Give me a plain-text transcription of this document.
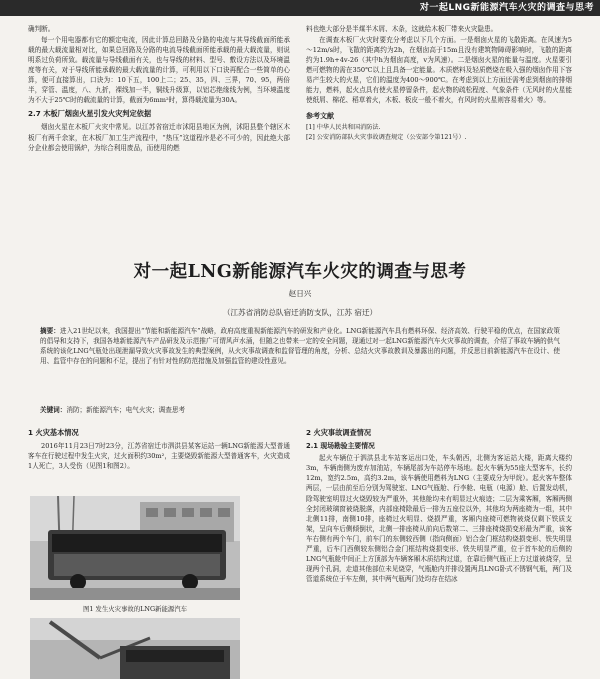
对一起LNG新能源汽车火灾的调查与思考

确判断。

每一个用电器都有它的额定电流，因此计算总回路及分路的电流与其导线截面所能承载的最大载流量相对比，如果总回路及分路的电流导线截面所能承载的最大载流量，则说明系过负荷所致。载流量与导线截面有关，也与导线的材料、型号、敷设方法以及环境温度等有关，对于导线所能承载的最大载流量的计算，可利用以下口诀再配合一些简单的心算，便可直接算出，口诀为：10下五，100上二；25、35，四、三界，70、95，两倍半，穿管、温度，八、九折，裸线加一半，铜线升级算，以铝芯绝缘线为例，当环境温度为不大于25℃时的载流量的计算，截面为6mm²时，算得载流量为30A。

2.7 木板厂烟囱火星引发火灾判定依据

烟囱火星在木板厂火灾中常见。以江苏省宿迁市沭阳县地区为例，沭阳县整个辖区木板厂有两千余家，在木板厂加工生产流程中，“热压”这道程序是必不可少的，因此绝大部分企业都会使用锅炉，为综合利用废品，而使用的燃

料也绝大部分是半煤半木屑、木条，这就给木板厂带来火灾隐患。

在调查木板厂火灾时要充分考虑以下几个方面。一是烟囱火星的飞散距离。在风速为5～12m/s时，飞散的距离约为2h，在烟囱高于15m且没有建筑物障碍影响时，飞散的距离约为1.9h+4v-26（其中h为烟囱高度，v为风速）。二是烟囱火星的能量与温度。火星要引燃可燃物的需在350℃以上且具备一定能量。木质燃料及轻质燃烧在吸入强的烟囱作用下容易产生较大的火星，它们的温度为400～900℃。在考虑到以上方面还需考虑到烟囱的排烟能力，燃料，起火点具有使火星停留条件，起火物的疏松程度、气象条件（无风时的火星能使纸屑、棉花、稻草着火，木板、板皮一般不着火，有风时的火星则容易着火）等。

参考文献
[1] 中华人民共和国消防法.
[2] 公安消防部队火灾事故调查规定（公安部令第121号）.
对一起LNG新能源汽车火灾的调查与思考
赵日兴
（江苏省消防总队宿迁消防支队，江苏 宿迁）
摘要：进入21世纪以来，我国提出“节能和新能源汽车”战略，政府高度重视新能源汽车的研发和产业化。LNG新能源汽车具有燃料环保、经济高效、行驶平稳的优点，在国家政策的倡导和支持下，我国各地新能源汽车产品研发及示范推广可谓风声水涌，但随之也带来一定的安全问题，现通过对一起LNG新能源汽车火灾事故的调查，介绍了事故车辆的供气系统的该化LNG气瓶处出现泄漏导致火灾事故发生的典型案例，从火灾事故调查和监督管理的角度，分析、总结火灾事故教训及暴露出的问题，并反思目前新能源汽车在设计、使用、监管中存在的问题和不足，提出了有针对性的防范措施及加强监管的建设性意见。
关键词：消防；新能源汽车；电气火灾；调查思考
1 火灾基本情况

2016年11月23日7时23分，江苏省宿迁市泗洪县某客运站一辆LNG新能源大型普通客车在行驶过程中发生火灾，过火面积约30m²，主要烧毁新能源大型普通客车，火灾造成1人死亡，3人受伤（见图1和图2）。

图1 发生火灾事故的LNG新能源汽车
2 火灾事故调查情况
2.1 现场勘验主要情况

起火车辆位于泗洪县北车站客运出口处，车头朝西，北侧为客运站大楼，距离大楼约3m，车辆南侧为废弃加油站，车辆尾部为车站停车场地。起火车辆为55座大型客车，长约12m，宽约2.5m，高约3.2m，该车辆使用燃料为LNG（主要成分为甲烷）。起火客车整体两层，一层由前至后分别为驾驶室、LNG气瓶舱、行李舱、电瓶（电源）舱、后置发动机，除驾驶室明显过火烧毁较为严重外，其他舱均未有明显过火痕迹；二层为乘客厢，客厢两侧全封闭玻璃窗被烧脱落，内部座椅除最后一排为五座位以外，其他均为两座椅为一组，其中北侧11排，南侧10排，座椅过火明显、烧损严重，客厢内座椅可燃物被烧仅剩下铁质支架，呈向车后侧倾倒状，北侧一排座椅从前向后数第二、三排座椅烧损变形最为严重，该客车右侧有两个车门，前车门的东侧较西侧（指向侧面）铝合金门框结构烧损变形、铁失明显严重，后车门西侧较东侧铝合金门框结构烧损变形、铁失明显严重，位于首车轮的后侧的LNG气瓶舱中间正上方顶部为车辆客厢木质结构过道，在靠后侧气瓶正上方过道被烧穿，呈现两个孔洞，走道其他部位未见烧穿，气瓶舱内并排设置两具LNG卧式不锈钢气瓶，两门及管道系统位于车左侧，其中两气瓶两门处均存在结冰
